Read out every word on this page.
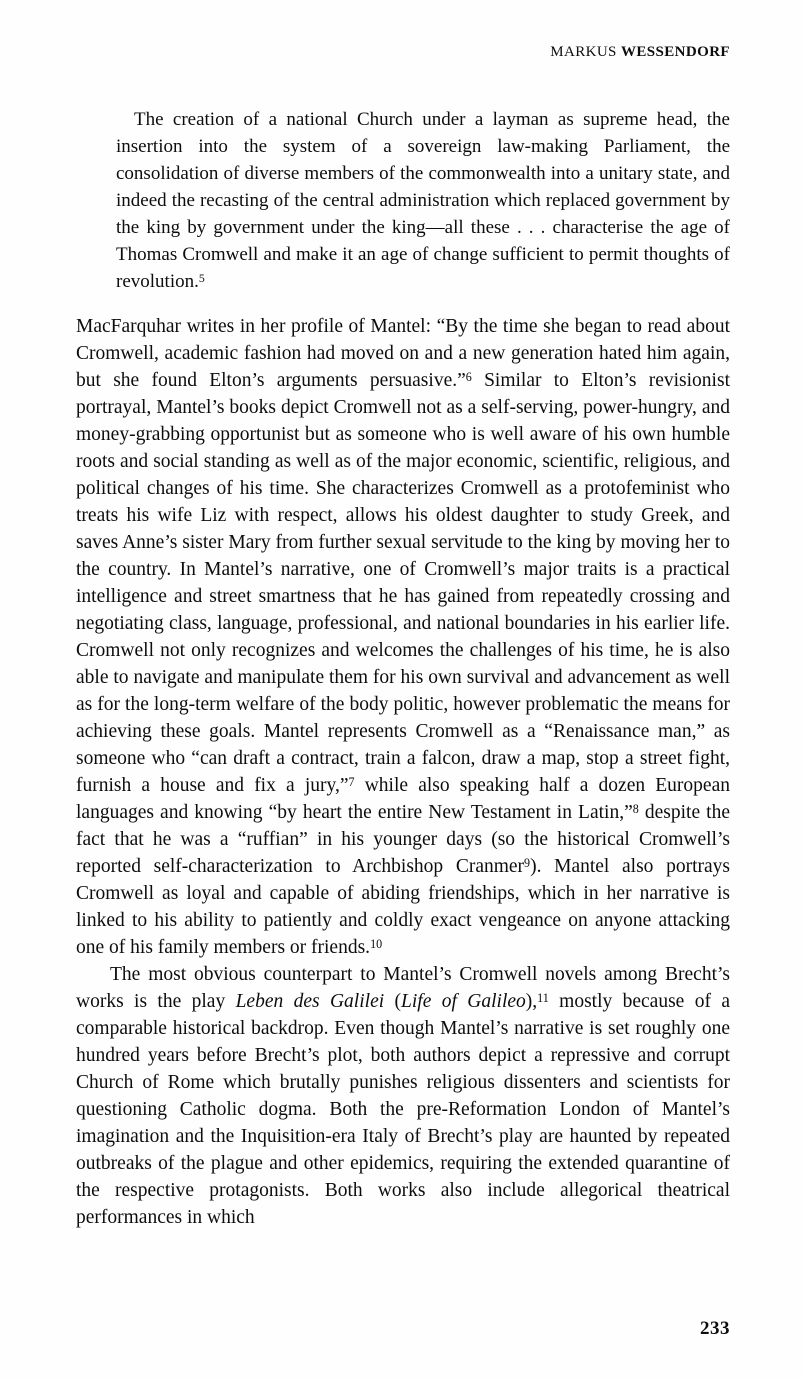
MARKUS WESSENDORF
The creation of a national Church under a layman as supreme head, the insertion into the system of a sovereign law-making Parliament, the consolidation of diverse members of the commonwealth into a unitary state, and indeed the recasting of the central administration which replaced government by the king by government under the king—all these . . . characterise the age of Thomas Cromwell and make it an age of change sufficient to permit thoughts of revolution.$^5$

MacFarquhar writes in her profile of Mantel: “By the time she began to read about Cromwell, academic fashion had moved on and a new generation hated him again, but she found Elton’s arguments persuasive.”$^6$ Similar to Elton’s revisionist portrayal, Mantel’s books depict Cromwell not as a self-serving, power-hungry, and money-grabbing opportunist but as someone who is well aware of his own humble roots and social standing as well as of the major economic, scientific, religious, and political changes of his time. She characterizes Cromwell as a protofeminist who treats his wife Liz with respect, allows his oldest daughter to study Greek, and saves Anne’s sister Mary from further sexual servitude to the king by moving her to the country. In Mantel’s narrative, one of Cromwell’s major traits is a practical intelligence and street smartness that he has gained from repeatedly crossing and negotiating class, language, professional, and national boundaries in his earlier life. Cromwell not only recognizes and welcomes the challenges of his time, he is also able to navigate and manipulate them for his own survival and advancement as well as for the long-term welfare of the body politic, however problematic the means for achieving these goals. Mantel represents Cromwell as a “Renaissance man,” as someone who “can draft a contract, train a falcon, draw a map, stop a street fight, furnish a house and fix a jury,”$^7$ while also speaking half a dozen European languages and knowing “by heart the entire New Testament in Latin,”$^8$ despite the fact that he was a “ruffian” in his younger days (so the historical Cromwell’s reported self-characterization to Archbishop Cranmer$^9$). Mantel also portrays Cromwell as loyal and capable of abiding friendships, which in her narrative is linked to his ability to patiently and coldly exact vengeance on anyone attacking one of his family members or friends.$^{10}$

The most obvious counterpart to Mantel’s Cromwell novels among Brecht’s works is the play Leben des Galilei (Life of Galileo),$^{11}$ mostly because of a comparable historical backdrop. Even though Mantel’s narrative is set roughly one hundred years before Brecht’s plot, both authors depict a repressive and corrupt Church of Rome which brutally punishes religious dissenters and scientists for questioning Catholic dogma. Both the pre-Reformation London of Mantel’s imagination and the Inquisition-era Italy of Brecht’s play are haunted by repeated outbreaks of the plague and other epidemics, requiring the extended quarantine of the respective protagonists. Both works also include allegorical theatrical performances in which

233
